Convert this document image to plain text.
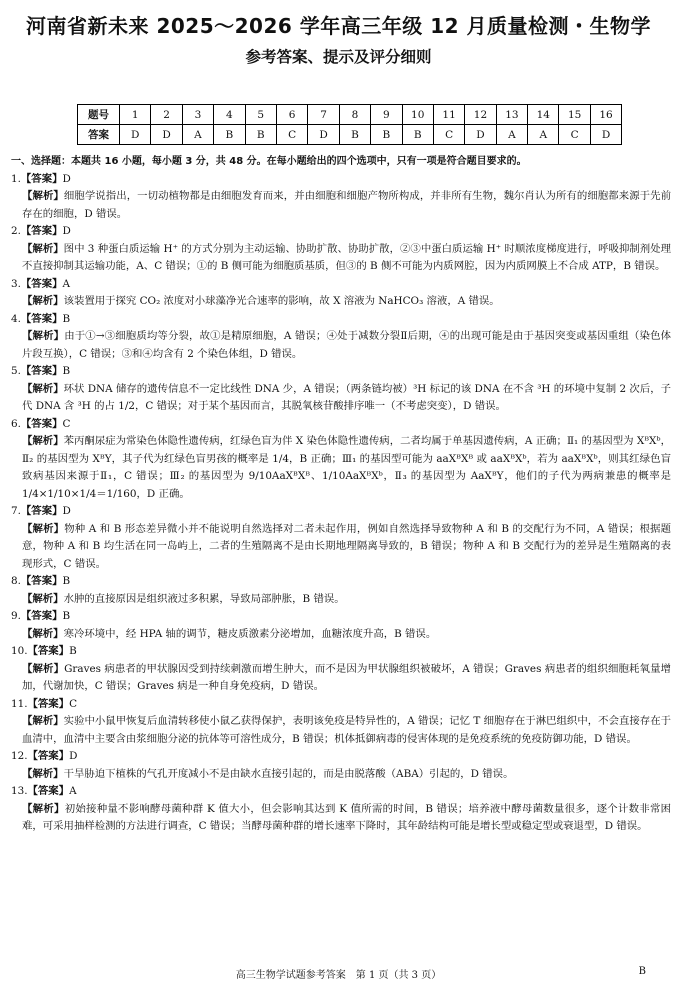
河南省新未来 2025～2026 学年高三年级 12 月质量检测・生物学
参考答案、提示及评分细则
题号	1	2	3	4	5	6	7	8	9	10	11	12	13	14	15	16
答案	D	D	A	B	B	C	D	B	B	B	C	D	A	A	C	D
一、选择题：本题共 16 小题，每小题 3 分，共 48 分。在每小题给出的四个选项中，只有一项是符合题目要求的。
1. 【答案】 D
【解析】细胞学说指出，一切动植物都是由细胞发育而来，并由细胞和细胞产物所构成，并非所有生物，魏尔肖认为所有的细胞都来源于先前存在的细胞，D 错误。
2. 【答案】 D
【解析】图中 3 种蛋白质运输 H⁺ 的方式分别为主动运输、协助扩散、协助扩散，②③中蛋白质运输 H⁺ 时顺浓度梯度进行，呼吸抑制剂处理不直接抑制其运输功能，A、C 错误；①的 B 侧可能为细胞质基质，但③的 B 侧不可能为内质网腔，因为内质网膜上不合成 ATP，B 错误。
3. 【答案】 A
【解析】该装置用于探究 CO₂ 浓度对小球藻净光合速率的影响，故 X 溶液为 NaHCO₃ 溶液，A 错误。
4. 【答案】 B
【解析】由于①→③细胞质均等分裂，故①是精原细胞，A 错误；④处于减数分裂Ⅱ后期，④的出现可能是由于基因突变或基因重组（染色体片段互换），C 错误；③和④均含有 2 个染色体组，D 错误。
5. 【答案】 B
【解析】环状 DNA 储存的遗传信息不一定比线性 DNA 少，A 错误；（两条链均被）³H 标记的该 DNA 在不含 ³H 的环境中复制 2 次后，子代 DNA 含 ³H 的占 1/2，C 错误；对于某个基因而言，其脱氧核苷酸排序唯一（不考虑突变），D 错误。
6. 【答案】 C
【解析】苯丙酮尿症为常染色体隐性遗传病，红绿色盲为伴 X 染色体隐性遗传病，二者均属于单基因遗传病，A 正确；Ⅱ₁ 的基因型为 XᴮXᵇ，Ⅱ₂ 的基因型为 XᴮY，其子代为红绿色盲男孩的概率是 1/4，B 正确；Ⅲ₁ 的基因型可能为 aaXᴮXᴮ 或 aaXᴮXᵇ，若为 aaXᴮXᵇ，则其红绿色盲致病基因来源于Ⅱ₁，C 错误；Ⅲ₂ 的基因型为 9/10AaXᴮXᴮ、1/10AaXᴮXᵇ，Ⅱ₃ 的基因型为 AaXᴮY，他们的子代为两病兼患的概率是 1/4×1/10×1/4＝1/160，D 正确。
7. 【答案】 D
【解析】物种 A 和 B 形态差异微小并不能说明自然选择对二者未起作用，例如自然选择导致物种 A 和 B 的交配行为不同，A 错误；根据题意，物种 A 和 B 均生活在同一岛屿上，二者的生殖隔离不是由长期地理隔离导致的，B 错误；物种 A 和 B 交配行为的差异是生殖隔离的表现形式，C 错误。
8. 【答案】 B
【解析】水肿的直接原因是组织液过多积累，导致局部肿胀，B 错误。
9. 【答案】 B
【解析】寒冷环境中，经 HPA 轴的调节，糖皮质激素分泌增加，血糖浓度升高，B 错误。
10. 【答案】 B
【解析】Graves 病患者的甲状腺因受到持续刺激而增生肿大，而不是因为甲状腺组织被破坏，A 错误；Graves 病患者的组织细胞耗氧量增加，代谢加快，C 错误；Graves 病是一种自身免疫病，D 错误。
11. 【答案】 C
【解析】实验中小鼠甲恢复后血清转移使小鼠乙获得保护，表明该免疫是特异性的，A 错误；记忆 T 细胞存在于淋巴组织中，不会直接存在于血清中，血清中主要含由浆细胞分泌的抗体等可溶性成分，B 错误；机体抵御病毒的侵害体现的是免疫系统的免疫防御功能，D 错误。
12. 【答案】 D
【解析】干旱胁迫下植株的气孔开度减小不是由缺水直接引起的，而是由脱落酸（ABA）引起的，D 错误。
13. 【答案】 A
【解析】初始接种量不影响酵母菌种群 K 值大小，但会影响其达到 K 值所需的时间，B 错误；培养液中酵母菌数量很多，逐个计数非常困难，可采用抽样检测的方法进行调查，C 错误；当酵母菌种群的增长速率下降时，其年龄结构可能是增长型或稳定型或衰退型，D 错误。
高三生物学试题参考答案　第 1 页（共 3 页）	B
